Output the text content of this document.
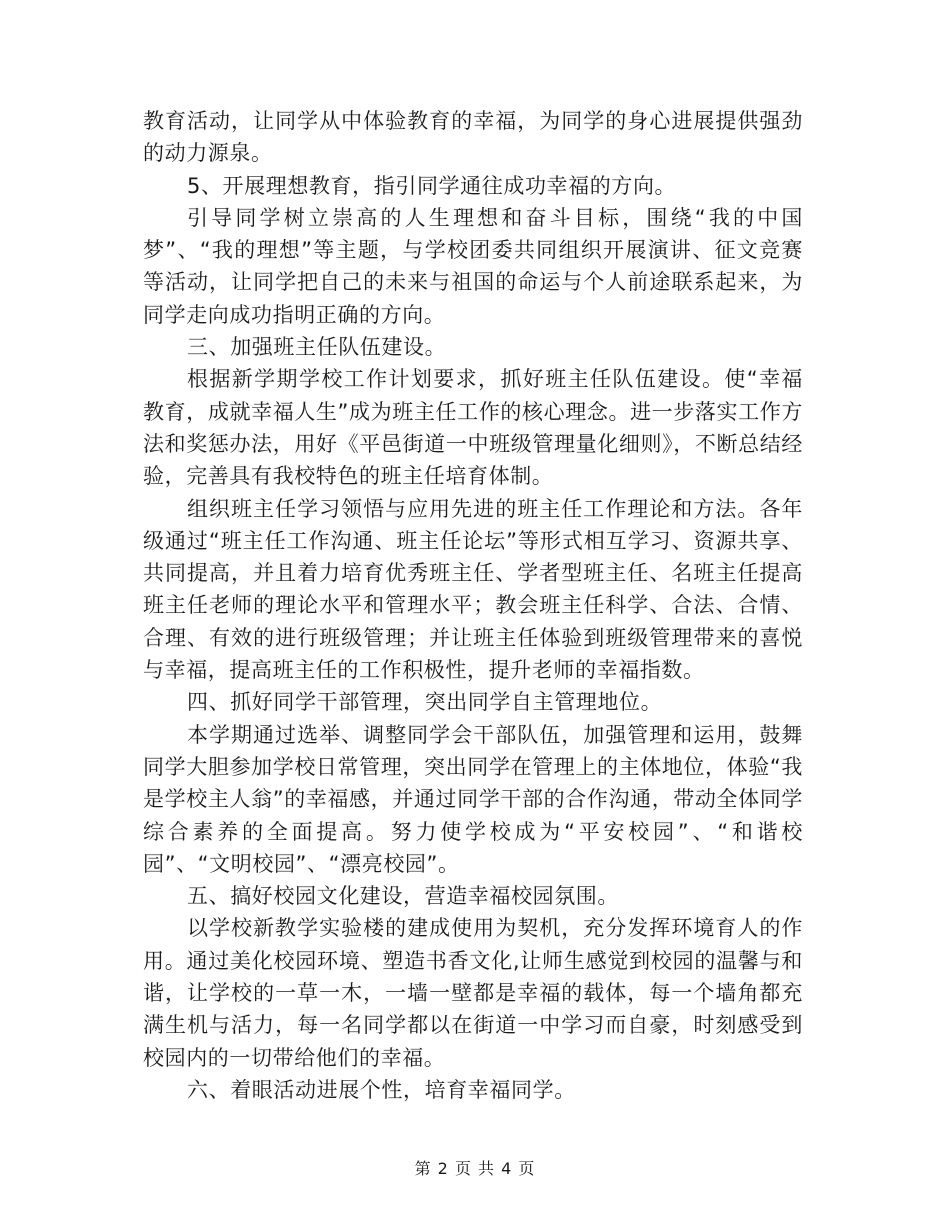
教育活动，让同学从中体验教育的幸福，为同学的身心进展提供强劲的动力源泉。

5、开展理想教育，指引同学通往成功幸福的方向。

引导同学树立崇高的人生理想和奋斗目标，围绕“我的中国梦”、“我的理想”等主题，与学校团委共同组织开展演讲、征文竞赛等活动，让同学把自己的未来与祖国的命运与个人前途联系起来，为同学走向成功指明正确的方向。

三、加强班主任队伍建设。

根据新学期学校工作计划要求，抓好班主任队伍建设。使“幸福教育，成就幸福人生”成为班主任工作的核心理念。进一步落实工作方法和奖惩办法，用好《平邑街道一中班级管理量化细则》，不断总结经验，完善具有我校特色的班主任培育体制。

组织班主任学习领悟与应用先进的班主任工作理论和方法。各年级通过“班主任工作沟通、班主任论坛”等形式相互学习、资源共享、共同提高，并且着力培育优秀班主任、学者型班主任、名班主任提高班主任老师的理论水平和管理水平；教会班主任科学、合法、合情、合理、有效的进行班级管理；并让班主任体验到班级管理带来的喜悦与幸福，提高班主任的工作积极性，提升老师的幸福指数。

四、抓好同学干部管理，突出同学自主管理地位。

本学期通过选举、调整同学会干部队伍，加强管理和运用，鼓舞同学大胆参加学校日常管理，突出同学在管理上的主体地位，体验“我是学校主人翁”的幸福感，并通过同学干部的合作沟通，带动全体同学综合素养的全面提高。努力使学校成为“平安校园”、“和谐校园”、“文明校园”、“漂亮校园”。

五、搞好校园文化建设，营造幸福校园氛围。

以学校新教学实验楼的建成使用为契机，充分发挥环境育人的作用。通过美化校园环境、塑造书香文化,让师生感觉到校园的温馨与和谐，让学校的一草一木，一墙一壁都是幸福的载体，每一个墙角都充满生机与活力，每一名同学都以在街道一中学习而自豪，时刻感受到校园内的一切带给他们的幸福。

六、着眼活动进展个性，培育幸福同学。

第 2 页 共 4 页
